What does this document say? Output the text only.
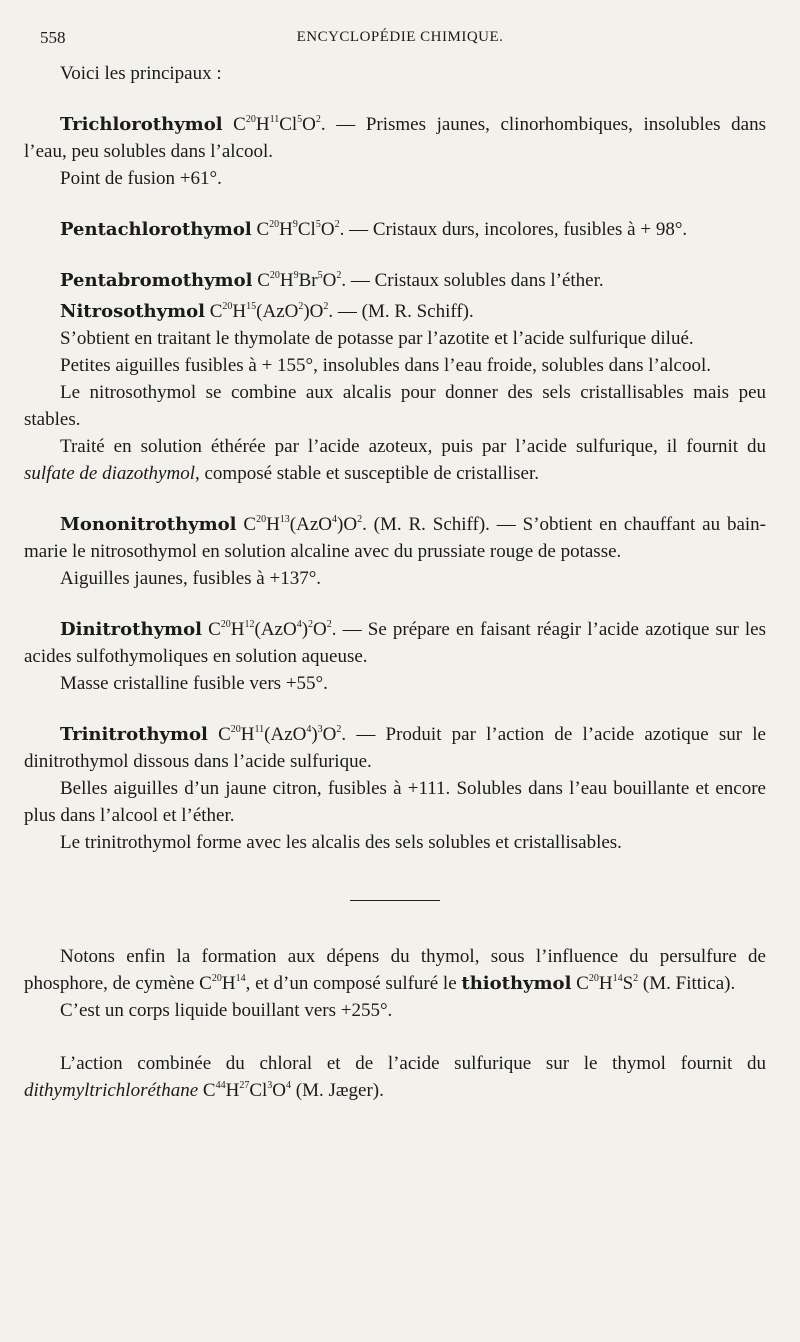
558	ENCYCLOPÉDIE CHIMIQUE.

Voici les principaux :

Trichlorothymol $C^{20}H^{11}Cl^5O^2$. — Prismes jaunes, clinorhombiques, insolubles dans l’eau, peu solubles dans l’alcool.

Point de fusion +61°.

Pentachlorothymol $C^{20}H^9Cl^5O^2$. — Cristaux durs, incolores, fusibles à + 98°.

Pentabromothymol $C^{20}H^9Br^5O^2$. — Cristaux solubles dans l’éther.

Nitrosothymol $C^{20}H^{15}(AzO^2)O^2$. — (M. R. Schiff).

S’obtient en traitant le thymolate de potasse par l’azotite et l’acide sulfurique dilué.

Petites aiguilles fusibles à + 155°, insolubles dans l’eau froide, solubles dans l’alcool.

Le nitrosothymol se combine aux alcalis pour donner des sels cristallisables mais peu stables.

Traité en solution éthérée par l’acide azoteux, puis par l’acide sulfurique, il fournit du sulfate de diazothymol, composé stable et susceptible de cristalliser.

Mononitrothymol $C^{20}H^{13}(AzO^4)O^2$. (M. R. Schiff). — S’obtient en chauffant au bain-marie le nitrosothymol en solution alcaline avec du prussiate rouge de potasse.

Aiguilles jaunes, fusibles à +137°.

Dinitrothymol $C^{20}H^{12}(AzO^4)^2O^2$. — Se prépare en faisant réagir l’acide azotique sur les acides sulfothymoliques en solution aqueuse.

Masse cristalline fusible vers +55°.

Trinitrothymol $C^{20}H^{11}(AzO^4)^3O^2$. — Produit par l’action de l’acide azotique sur le dinitrothymol dissous dans l’acide sulfurique.

Belles aiguilles d’un jaune citron, fusibles à +111. Solubles dans l’eau bouillante et encore plus dans l’alcool et l’éther.

Le trinitrothymol forme avec les alcalis des sels solubles et cristallisables.

Notons enfin la formation aux dépens du thymol, sous l’influence du persulfure de phosphore, de cymène $C^{20}H^{14}$, et d’un composé sulfuré le thiothymol $C^{20}H^{14}S^2$ (M. Fittica).

C’est un corps liquide bouillant vers +255°.

L’action combinée du chloral et de l’acide sulfurique sur le thymol fournit du dithymyltrichloréthane $C^{44}H^{27}Cl^3O^4$ (M. Jæger).
